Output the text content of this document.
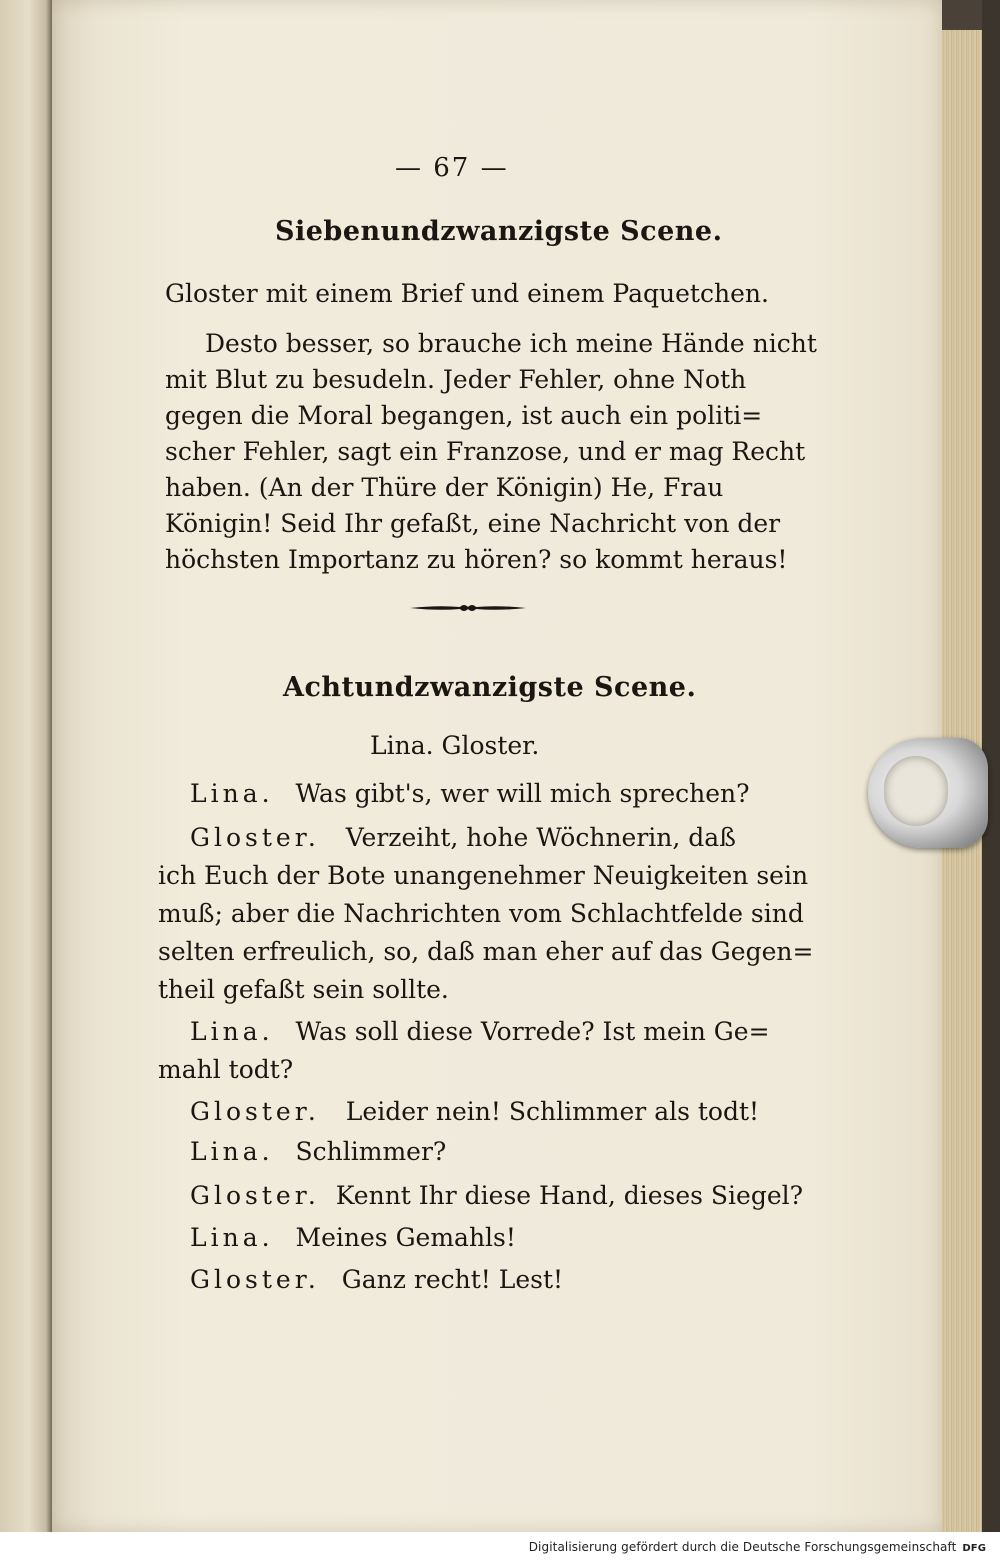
— 67 —
Siebenundzwanzigste Scene.
Gloster mit einem Brief und einem Paquetchen.
Desto besser, so brauche ich meine Hände nicht
mit Blut zu besudeln. Jeder Fehler, ohne Noth
gegen die Moral begangen, ist auch ein politi=
scher Fehler, sagt ein Franzose, und er mag Recht
haben. (An der Thüre der Königin) He, Frau
Königin! Seid Ihr gefaßt, eine Nachricht von der
höchsten Importanz zu hören? so kommt heraus!
Achtundzwanzigste Scene.
Lina. Gloster.
Lina. Was gibt's, wer will mich sprechen?
Gloster. Verzeiht, hohe Wöchnerin, daß
ich Euch der Bote unangenehmer Neuigkeiten sein
muß; aber die Nachrichten vom Schlachtfelde sind
selten erfreulich, so, daß man eher auf das Gegen=
theil gefaßt sein sollte.
Lina. Was soll diese Vorrede? Ist mein Ge=
mahl todt?
Gloster. Leider nein! Schlimmer als todt!
Lina. Schlimmer?
Gloster. Kennt Ihr diese Hand, dieses Siegel?
Lina. Meines Gemahls!
Gloster. Ganz recht! Lest!
Digitalisierung gefördert durch die Deutsche Forschungsgemeinschaft DFG
